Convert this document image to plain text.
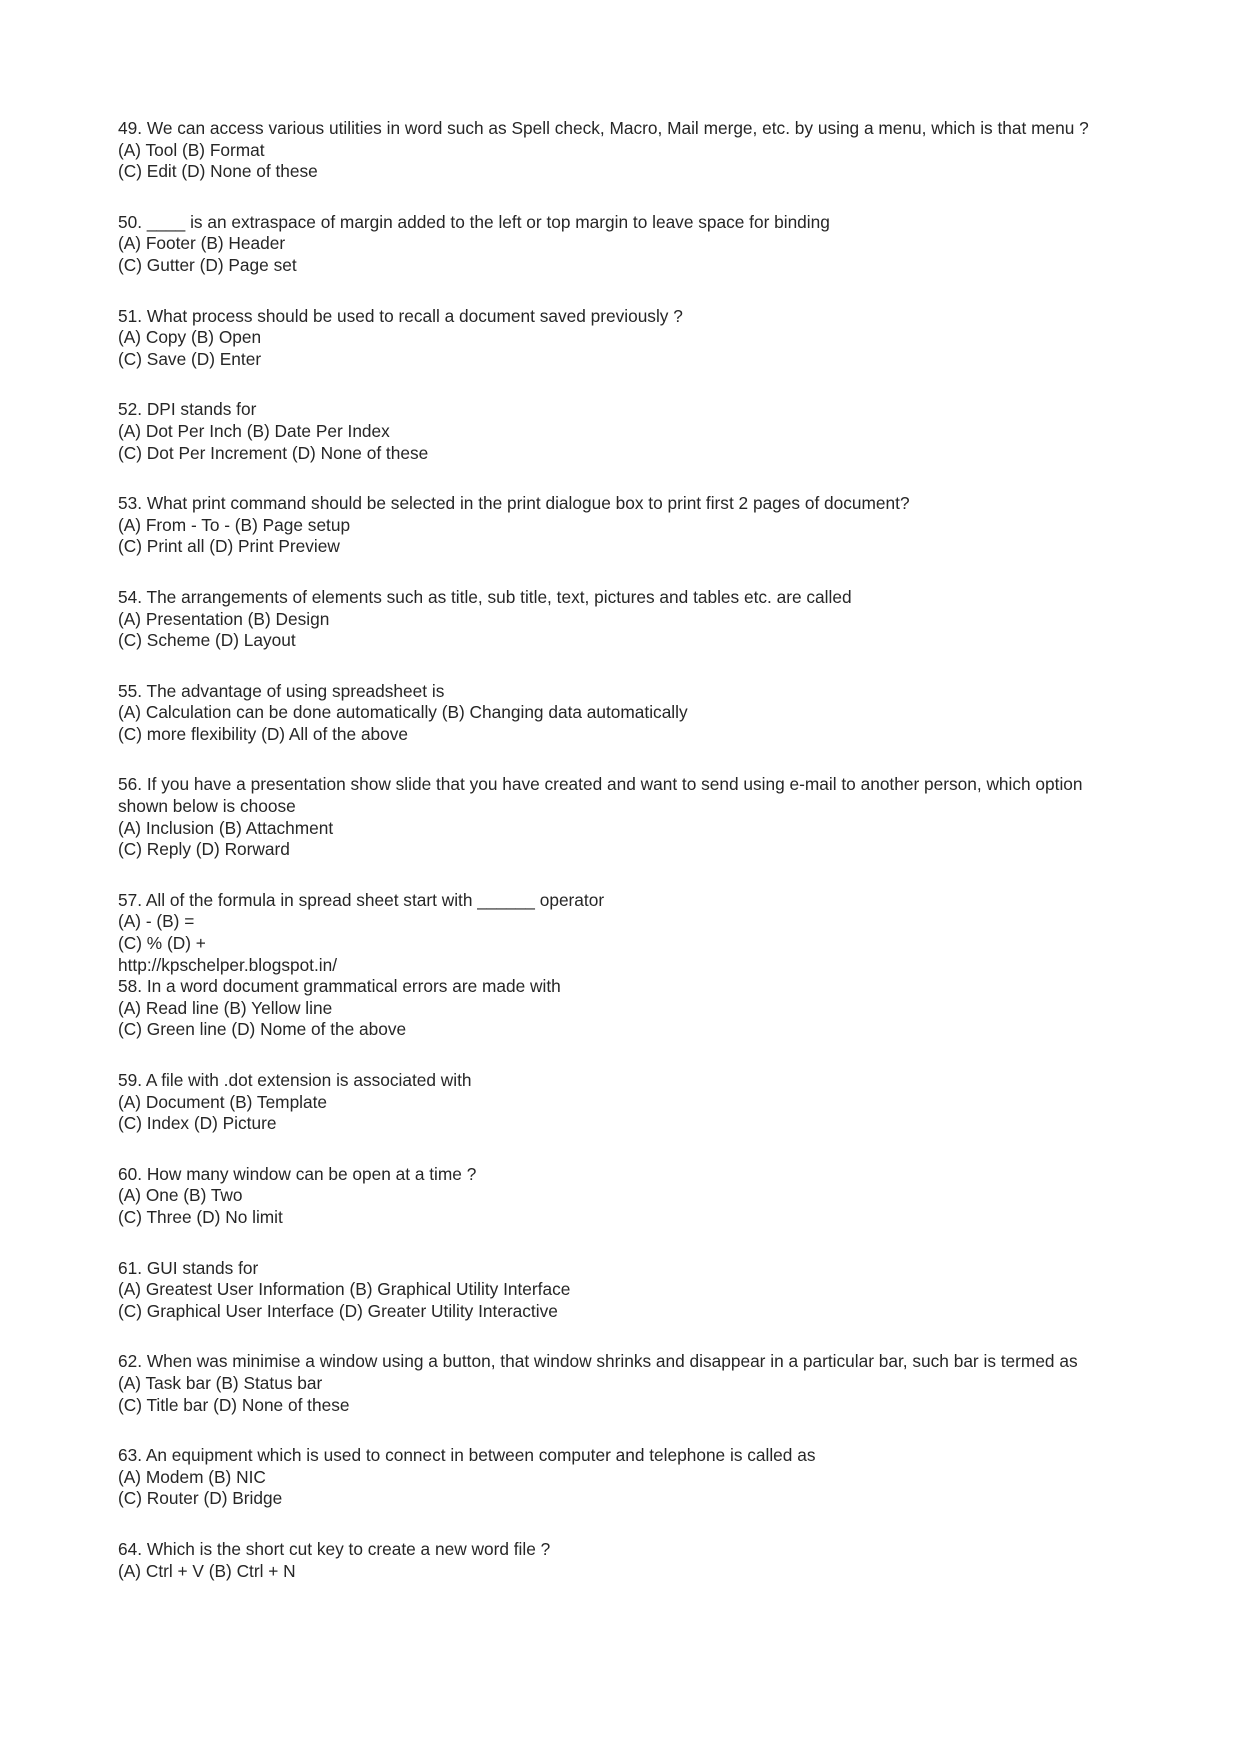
49. We can access various utilities in word such as Spell check, Macro, Mail merge, etc. by using a menu, which is that menu ?
(A) Tool (B) Format
(C) Edit (D) None of these
50. ____ is an extraspace of margin added to the left or top margin to leave space for binding
(A) Footer (B) Header
(C) Gutter (D) Page set
51. What process should be used to recall a document saved previously ?
(A) Copy (B) Open
(C) Save (D) Enter
52. DPI stands for
(A) Dot Per Inch (B) Date Per Index
(C) Dot Per Increment (D) None of these
53. What print command should be selected in the print dialogue box to print first 2 pages of document?
(A) From - To - (B) Page setup
(C) Print all (D) Print Preview
54. The arrangements of elements such as title, sub title, text, pictures and tables etc. are called
(A) Presentation (B) Design
(C) Scheme (D) Layout
55. The advantage of using spreadsheet is
(A) Calculation can be done automatically (B) Changing data automatically
(C) more flexibility (D) All of the above
56. If you have a presentation show slide that you have created and want to send using e-mail to another person, which option shown below is choose
(A) Inclusion (B) Attachment
(C) Reply (D) Rorward
57. All of the formula in spread sheet start with ______ operator
(A) - (B) =
(C) % (D) +
http://kpschelper.blogspot.in/
58. In a word document grammatical errors are made with
(A) Read line (B) Yellow line
(C) Green line (D) Nome of the above
59. A file with .dot extension is associated with
(A) Document (B) Template
(C) Index (D) Picture
60. How many window can be open at a time ?
(A) One (B) Two
(C) Three (D) No limit
61. GUI stands for
(A) Greatest User Information (B) Graphical Utility Interface
(C) Graphical User Interface (D) Greater Utility Interactive
62. When was minimise a window using a button, that window shrinks and disappear in a particular bar, such bar is termed as
(A) Task bar (B) Status bar
(C) Title bar (D) None of these
63. An equipment which is used to connect in between computer and telephone is called as
(A) Modem (B) NIC
(C) Router (D) Bridge
64. Which is the short cut key to create a new word file ?
(A) Ctrl + V (B) Ctrl + N
